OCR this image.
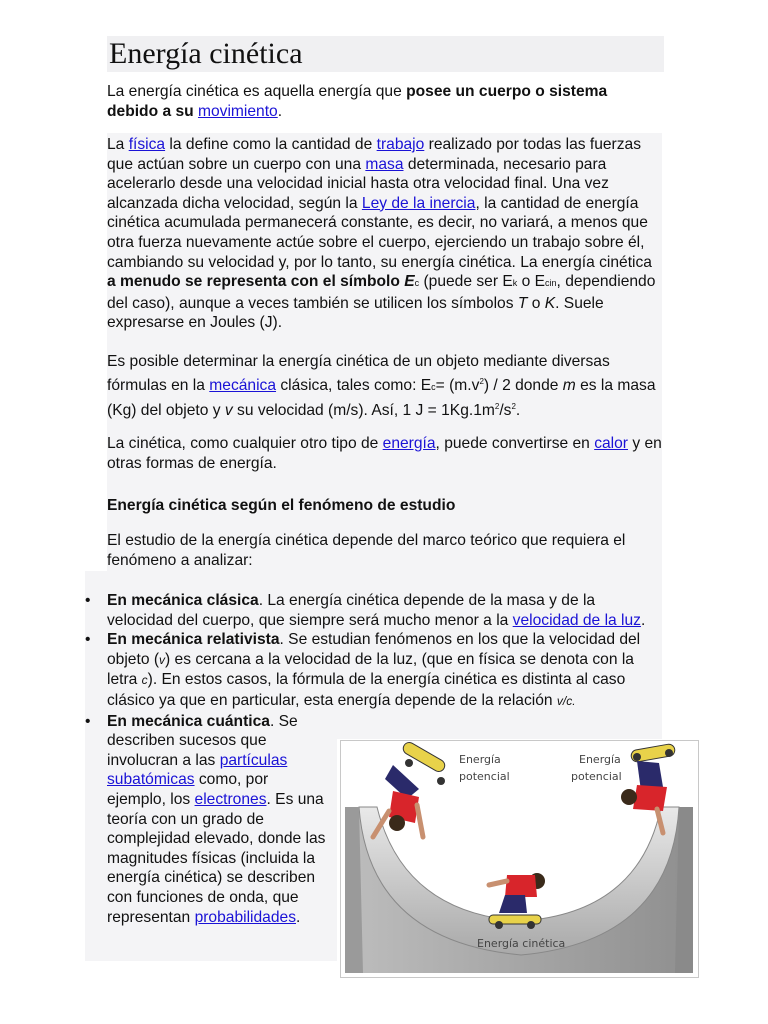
Energía cinética
La energía cinética es aquella energía que posee un cuerpo o sistema debido a su movimiento.
La física la define como la cantidad de trabajo realizado por todas las fuerzas que actúan sobre un cuerpo con una masa determinada, necesario para acelerarlo desde una velocidad inicial hasta otra velocidad final. Una vez alcanzada dicha velocidad, según la Ley de la inercia, la cantidad de energía cinética acumulada permanecerá constante, es decir, no variará, a menos que otra fuerza nuevamente actúe sobre el cuerpo, ejerciendo un trabajo sobre él, cambiando su velocidad y, por lo tanto, su energía cinética. La energía cinética a menudo se representa con el símbolo Ec (puede ser Ek o Ecin, dependiendo del caso), aunque a veces también se utilicen los símbolos T o K. Suele expresarse en Joules (J).
Es posible determinar la energía cinética de un objeto mediante diversas fórmulas en la mecánica clásica, tales como: $Ec= (m.v^2) / 2$ donde m es la masa (Kg) del objeto y v su velocidad (m/s). Así, 1 $J = 1Kg.1m^2/s^2$.
La cinética, como cualquier otro tipo de energía, puede convertirse en calor y en otras formas de energía.
Energía cinética según el fenómeno de estudio
El estudio de la energía cinética depende del marco teórico que requiera el fenómeno a analizar:
• En mecánica clásica. La energía cinética depende de la masa y de la velocidad del cuerpo, que siempre será mucho menor a la velocidad de la luz.
• En mecánica relativista. Se estudian fenómenos en los que la velocidad del objeto (v) es cercana a la velocidad de la luz, (que en física se denota con la letra c). En estos casos, la fórmula de la energía cinética es distinta al caso clásico ya que en particular, esta energía depende de la relación v/c.
• En mecánica cuántica. Se describen sucesos que involucran a las partículas subatómicas como, por ejemplo, los electrones. Es una teoría con un grado de complejidad elevado, donde las magnitudes físicas (incluida la energía cinética) se describen con funciones de onda, que representan probabilidades.
Energía
potencial
Energía
potencial
Energía cinética
